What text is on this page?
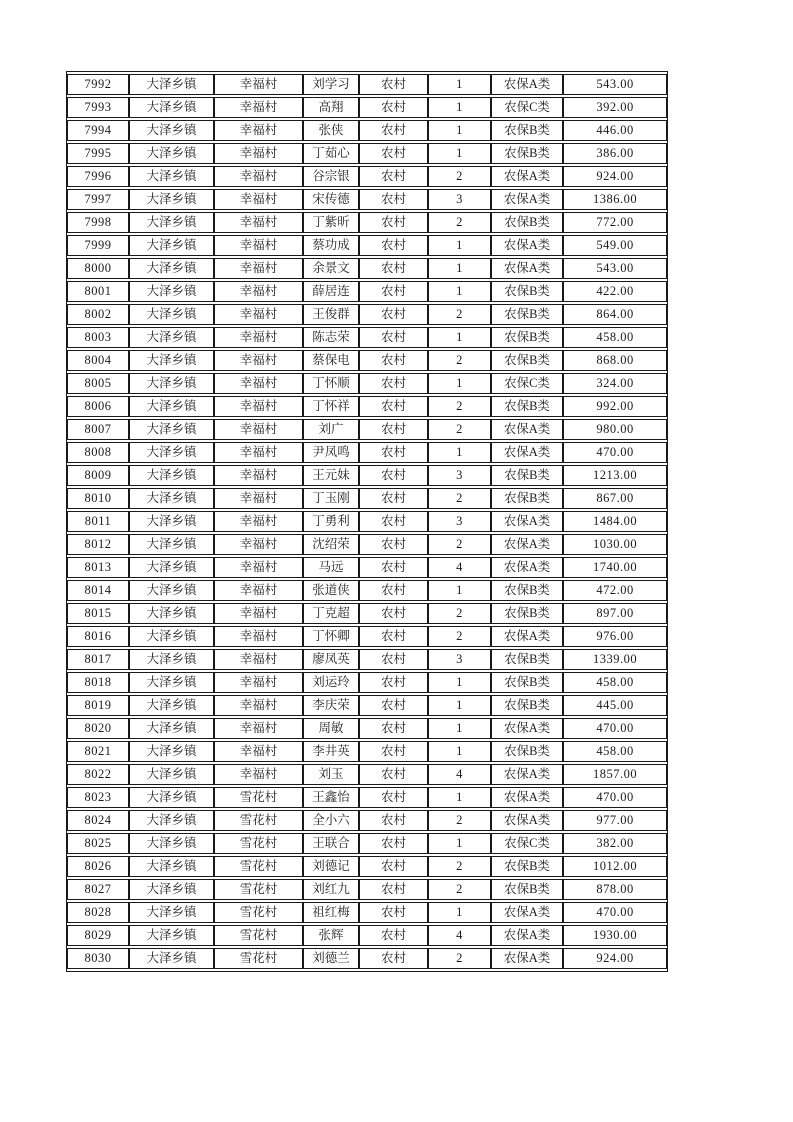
7992	大泽乡镇	幸福村	刘学习	农村	1	农保A类	543.00
7993	大泽乡镇	幸福村	高翔	农村	1	农保C类	392.00
7994	大泽乡镇	幸福村	张侠	农村	1	农保B类	446.00
7995	大泽乡镇	幸福村	丁茹心	农村	1	农保B类	386.00
7996	大泽乡镇	幸福村	谷宗银	农村	2	农保A类	924.00
7997	大泽乡镇	幸福村	宋传德	农村	3	农保A类	1386.00
7998	大泽乡镇	幸福村	丁紫昕	农村	2	农保B类	772.00
7999	大泽乡镇	幸福村	蔡功成	农村	1	农保A类	549.00
8000	大泽乡镇	幸福村	余景文	农村	1	农保A类	543.00
8001	大泽乡镇	幸福村	薛居连	农村	1	农保B类	422.00
8002	大泽乡镇	幸福村	王俊群	农村	2	农保B类	864.00
8003	大泽乡镇	幸福村	陈志荣	农村	1	农保B类	458.00
8004	大泽乡镇	幸福村	蔡保电	农村	2	农保B类	868.00
8005	大泽乡镇	幸福村	丁怀顺	农村	1	农保C类	324.00
8006	大泽乡镇	幸福村	丁怀祥	农村	2	农保B类	992.00
8007	大泽乡镇	幸福村	刘广	农村	2	农保A类	980.00
8008	大泽乡镇	幸福村	尹凤鸣	农村	1	农保A类	470.00
8009	大泽乡镇	幸福村	王元妹	农村	3	农保B类	1213.00
8010	大泽乡镇	幸福村	丁玉刚	农村	2	农保B类	867.00
8011	大泽乡镇	幸福村	丁勇利	农村	3	农保A类	1484.00
8012	大泽乡镇	幸福村	沈绍荣	农村	2	农保A类	1030.00
8013	大泽乡镇	幸福村	马远	农村	4	农保A类	1740.00
8014	大泽乡镇	幸福村	张道侠	农村	1	农保B类	472.00
8015	大泽乡镇	幸福村	丁克超	农村	2	农保B类	897.00
8016	大泽乡镇	幸福村	丁怀卿	农村	2	农保A类	976.00
8017	大泽乡镇	幸福村	廖凤英	农村	3	农保B类	1339.00
8018	大泽乡镇	幸福村	刘运玲	农村	1	农保B类	458.00
8019	大泽乡镇	幸福村	李庆荣	农村	1	农保B类	445.00
8020	大泽乡镇	幸福村	周敏	农村	1	农保A类	470.00
8021	大泽乡镇	幸福村	李井英	农村	1	农保B类	458.00
8022	大泽乡镇	幸福村	刘玉	农村	4	农保A类	1857.00
8023	大泽乡镇	雪花村	王鑫怡	农村	1	农保A类	470.00
8024	大泽乡镇	雪花村	全小六	农村	2	农保A类	977.00
8025	大泽乡镇	雪花村	王联合	农村	1	农保C类	382.00
8026	大泽乡镇	雪花村	刘德记	农村	2	农保B类	1012.00
8027	大泽乡镇	雪花村	刘红九	农村	2	农保B类	878.00
8028	大泽乡镇	雪花村	祖红梅	农村	1	农保A类	470.00
8029	大泽乡镇	雪花村	张辉	农村	4	农保A类	1930.00
8030	大泽乡镇	雪花村	刘德兰	农村	2	农保A类	924.00
